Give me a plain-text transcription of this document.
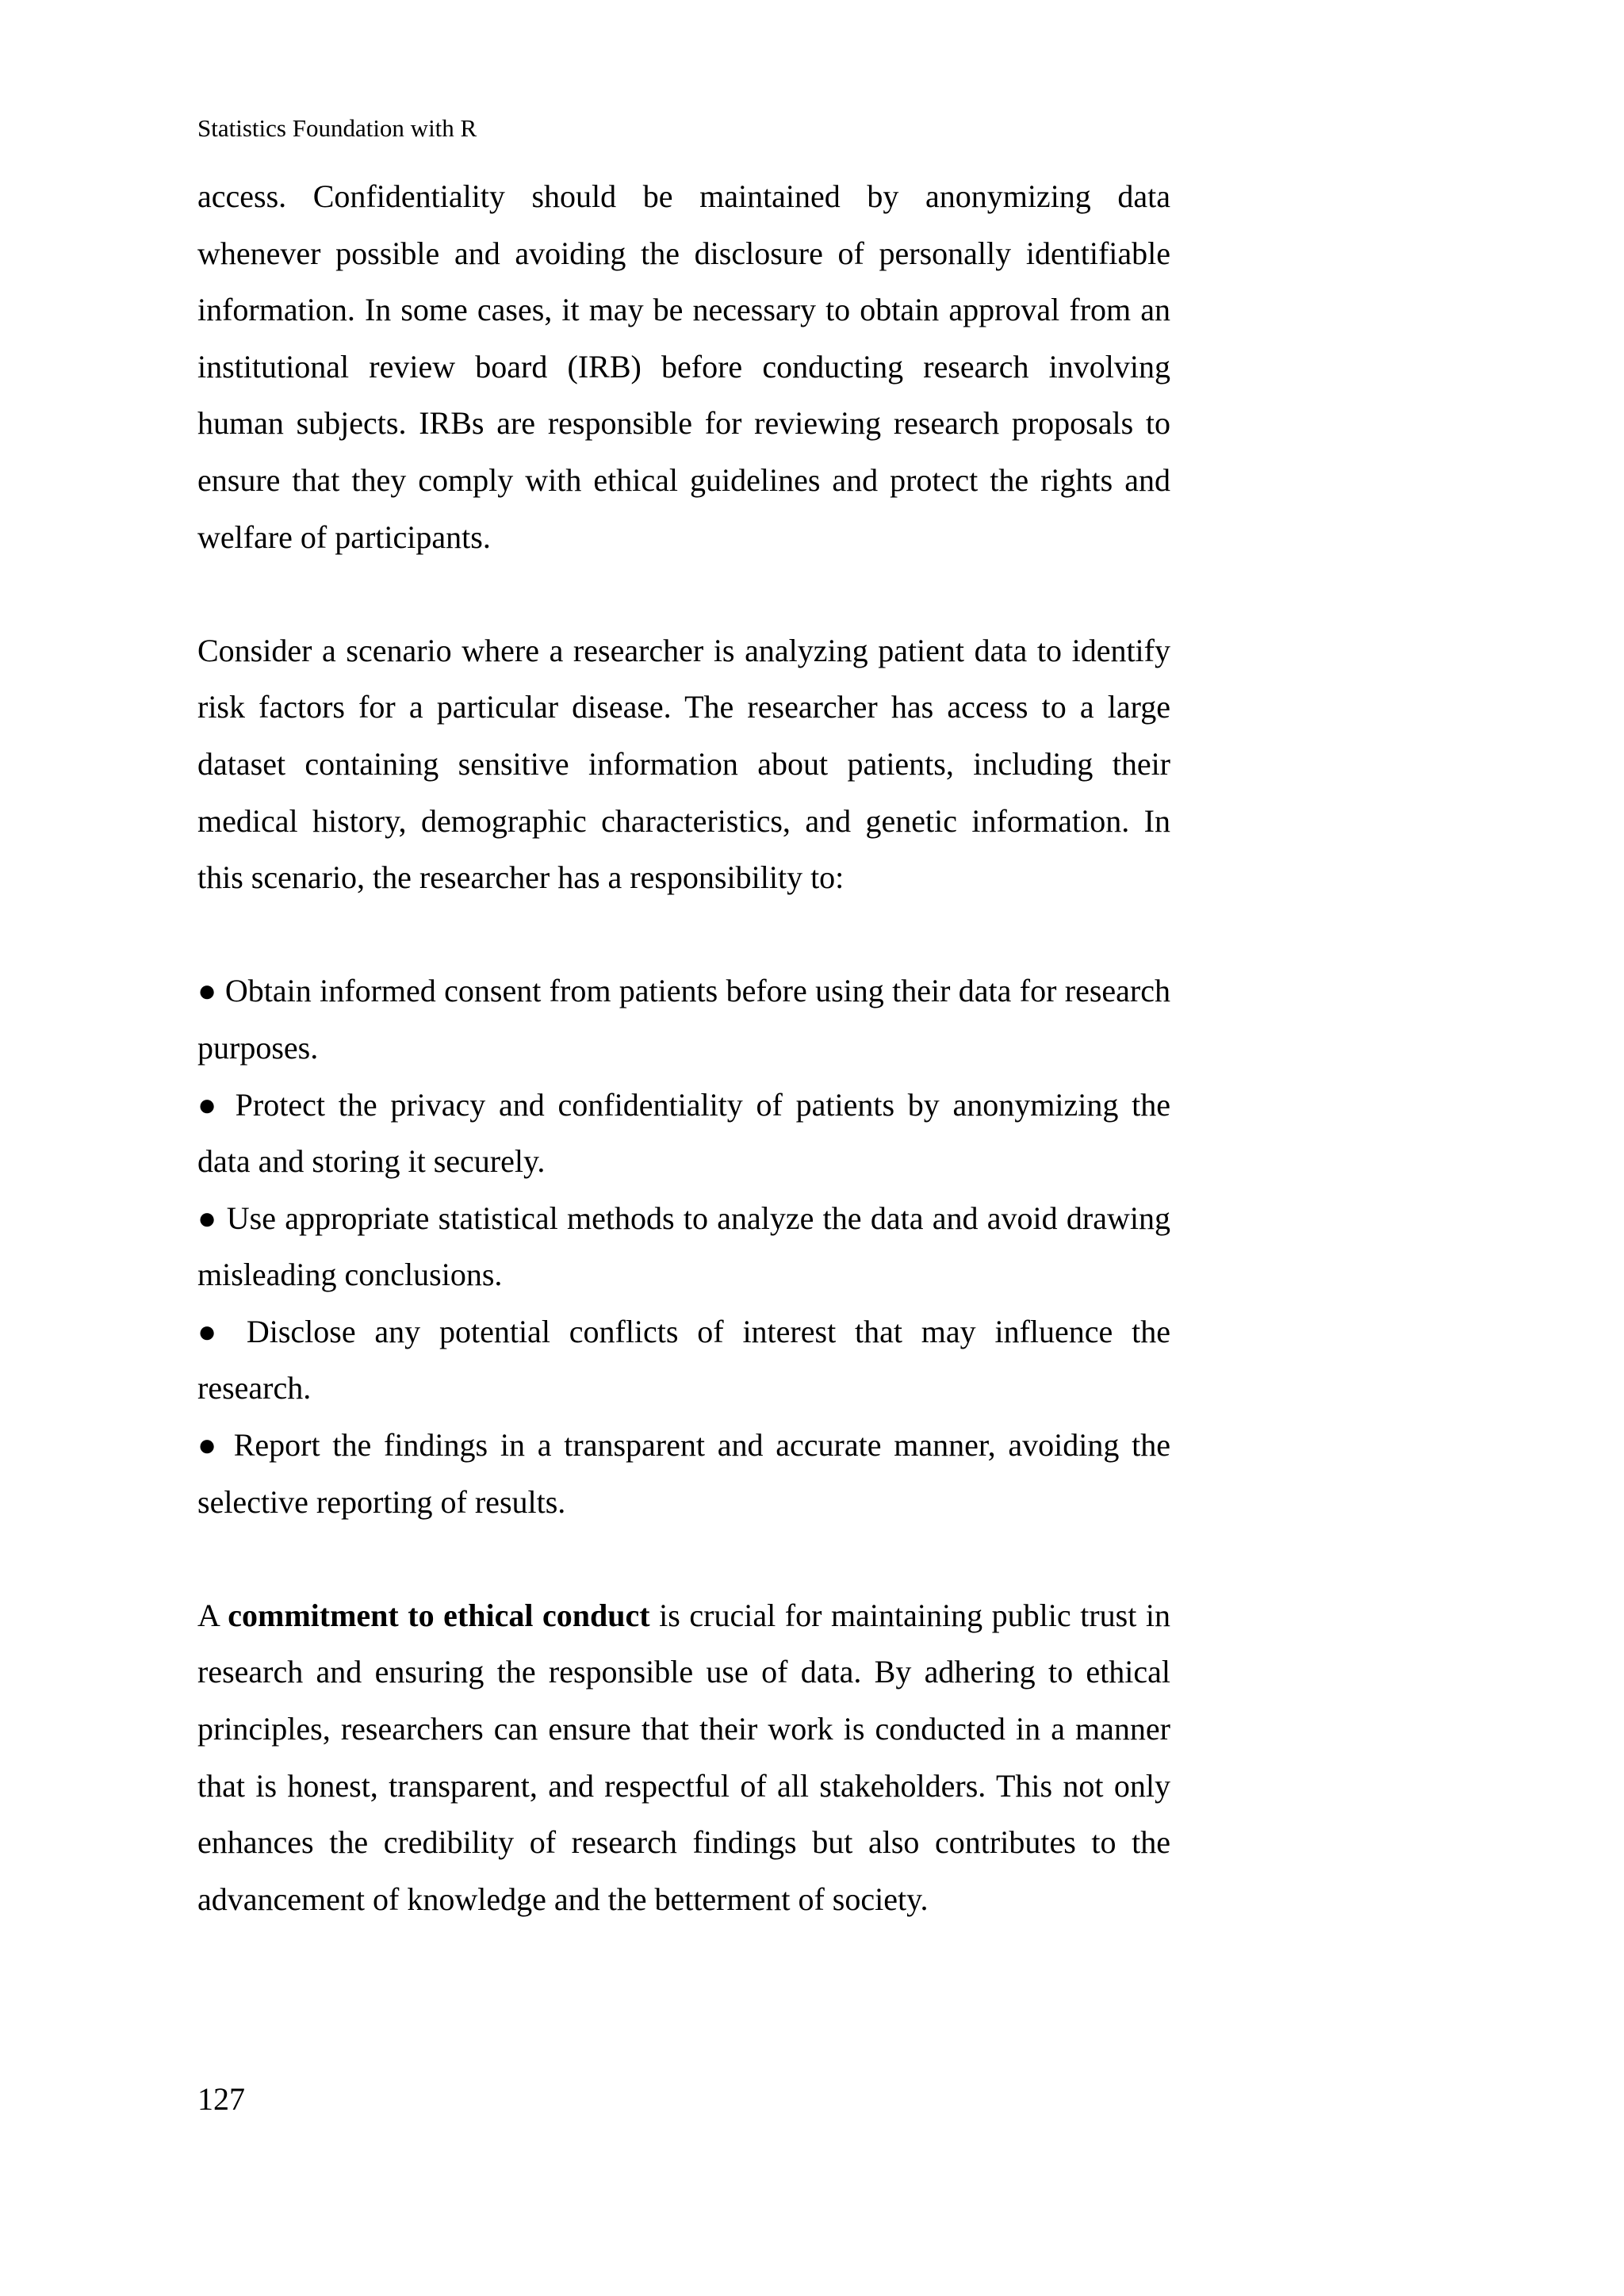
Statistics Foundation with R

access. Confidentiality should be maintained by anonymizing data whenever possible and avoiding the disclosure of personally identifiable information. In some cases, it may be necessary to obtain approval from an institutional review board (IRB) before conducting research involving human subjects. IRBs are responsible for reviewing research proposals to ensure that they comply with ethical guidelines and protect the rights and welfare of participants.

Consider a scenario where a researcher is analyzing patient data to identify risk factors for a particular disease. The researcher has access to a large dataset containing sensitive information about patients, including their medical history, demographic characteristics, and genetic information. In this scenario, the researcher has a responsibility to:

● Obtain informed consent from patients before using their data for research purposes.

● Protect the privacy and confidentiality of patients by anonymizing the data and storing it securely.

● Use appropriate statistical methods to analyze the data and avoid drawing misleading conclusions.

● Disclose any potential conflicts of interest that may influence the research.

● Report the findings in a transparent and accurate manner, avoiding the selective reporting of results.

A commitment to ethical conduct is crucial for maintaining public trust in research and ensuring the responsible use of data. By adhering to ethical principles, researchers can ensure that their work is conducted in a manner that is honest, transparent, and respectful of all stakeholders. This not only enhances the credibility of research findings but also contributes to the advancement of knowledge and the betterment of society.

127
